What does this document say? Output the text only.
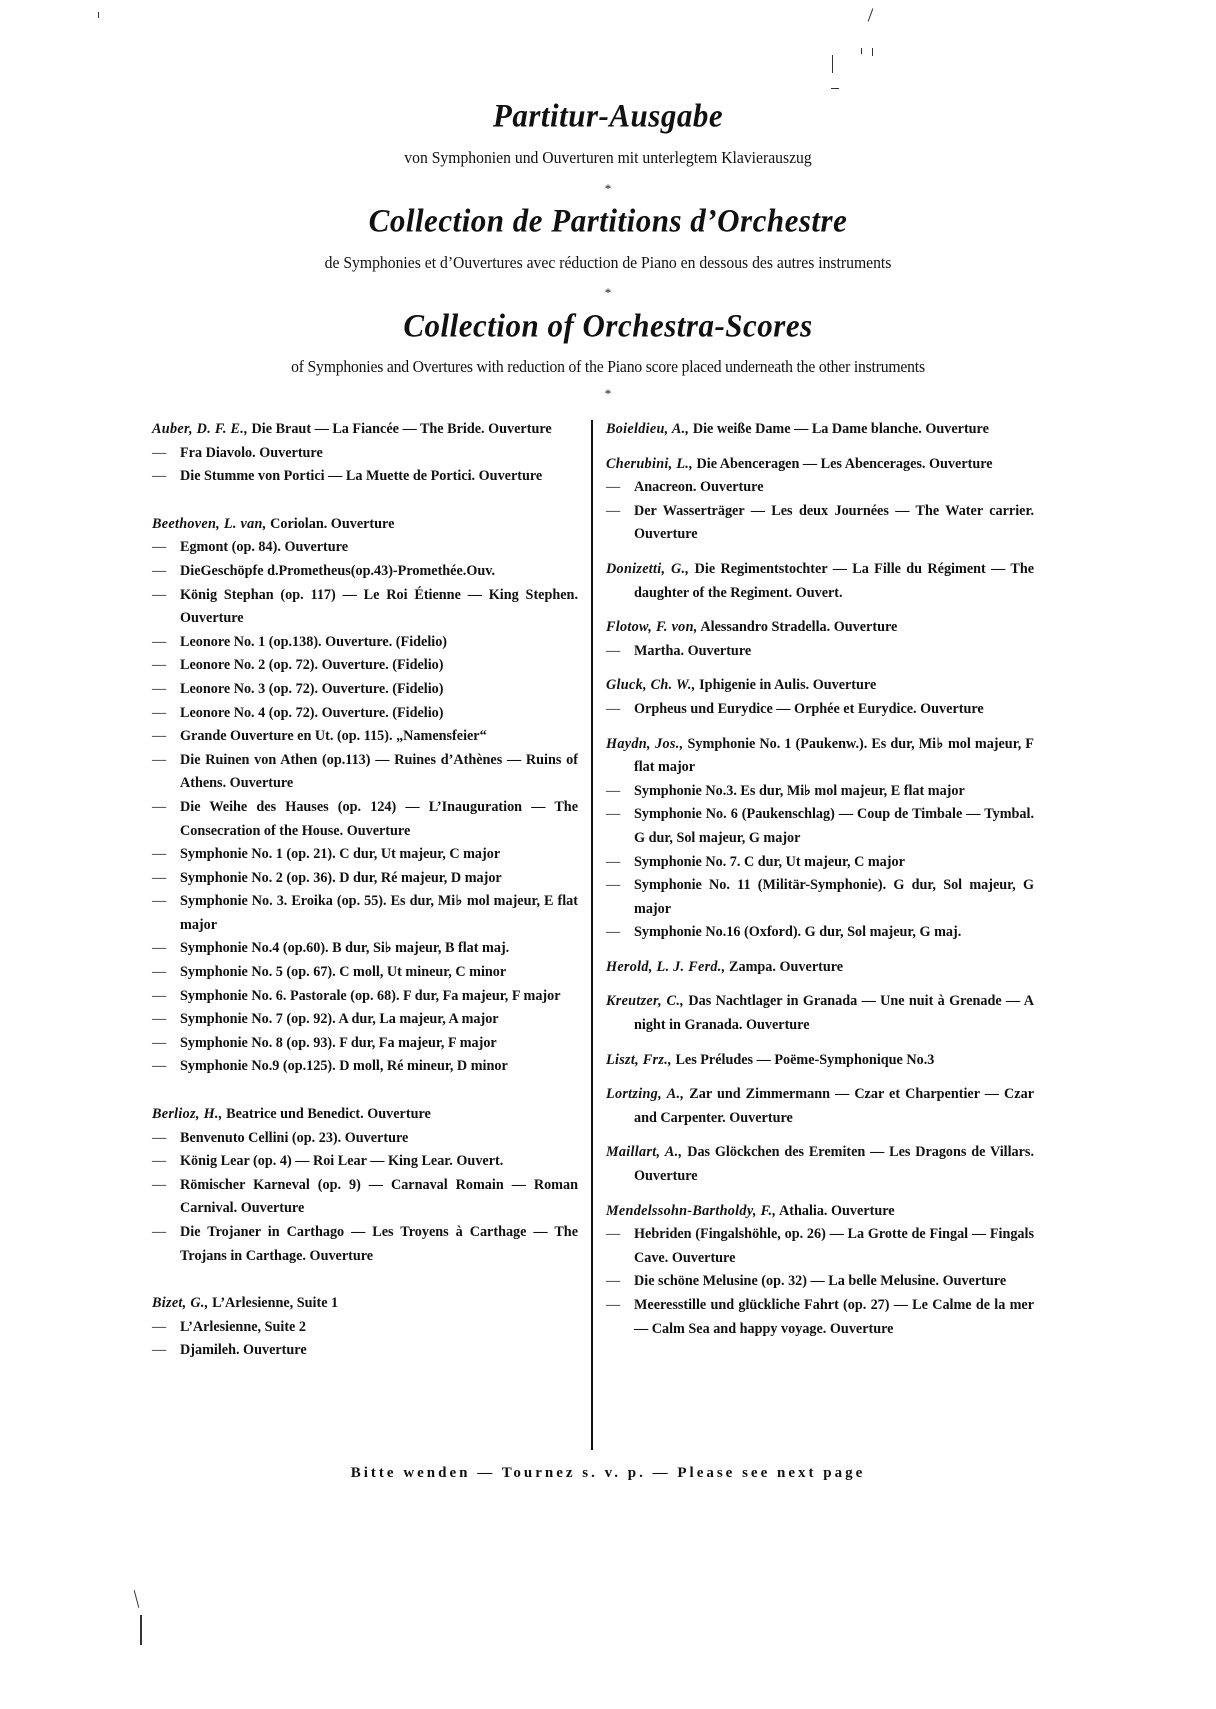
Partitur-Ausgabe
von Symphonien und Ouverturen mit unterlegtem Klavierauszug
*
Collection de Partitions d’Orchestre
de Symphonies et d’Ouvertures avec réduction de Piano en dessous des autres instruments
*
Collection of Orchestra-Scores
of Symphonies and Overtures with reduction of the Piano score placed underneath the other instruments
*
Auber, D. F. E., Die Braut — La Fiancée — The Bride. Ouverture
— Fra Diavolo. Ouverture
— Die Stumme von Portici — La Muette de Portici. Ouverture
Beethoven, L. van, Coriolan. Ouverture
— Egmont (op. 84). Ouverture
— DieGeschöpfe d.Prometheus(op.43)-Promethée.Ouv.
— König Stephan (op. 117) — Le Roi Étienne — King Stephen. Ouverture
— Leonore No. 1 (op.138). Ouverture. (Fidelio)
— Leonore No. 2 (op. 72). Ouverture. (Fidelio)
— Leonore No. 3 (op. 72). Ouverture. (Fidelio)
— Leonore No. 4 (op. 72). Ouverture. (Fidelio)
— Grande Ouverture en Ut. (op. 115). „Namensfeier“
— Die Ruinen von Athen (op.113) — Ruines d’Athènes — Ruins of Athens. Ouverture
— Die Weihe des Hauses (op. 124) — L’Inauguration — The Consecration of the House. Ouverture
— Symphonie No. 1 (op. 21). C dur, Ut majeur, C major
— Symphonie No. 2 (op. 36). D dur, Ré majeur, D major
— Symphonie No. 3. Eroika (op. 55). Es dur, Mi♭ mol majeur, E flat major
— Symphonie No.4 (op.60). B dur, Si♭ majeur, B flat maj.
— Symphonie No. 5 (op. 67). C moll, Ut mineur, C minor
— Symphonie No. 6. Pastorale (op. 68). F dur, Fa majeur, F major
— Symphonie No. 7 (op. 92). A dur, La majeur, A major
— Symphonie No. 8 (op. 93). F dur, Fa majeur, F major
— Symphonie No.9 (op.125). D moll, Ré mineur, D minor
Berlioz, H., Beatrice und Benedict. Ouverture
— Benvenuto Cellini (op. 23). Ouverture
— König Lear (op. 4) — Roi Lear — King Lear. Ouvert.
— Römischer Karneval (op. 9) — Carnaval Romain — Roman Carnival. Ouverture
— Die Trojaner in Carthago — Les Troyens à Carthage — The Trojans in Carthage. Ouverture
Bizet, G., L’Arlesienne, Suite 1
— L’Arlesienne, Suite 2
— Djamileh. Ouverture
Boieldieu, A., Die weiße Dame — La Dame blanche. Ouverture
Cherubini, L., Die Abenceragen — Les Abencerages. Ouverture
— Anacreon. Ouverture
— Der Wasserträger — Les deux Journées — The Water carrier. Ouverture
Donizetti, G., Die Regimentstochter — La Fille du Régiment — The daughter of the Regiment. Ouvert.
Flotow, F. von, Alessandro Stradella. Ouverture
— Martha. Ouverture
Gluck, Ch. W., Iphigenie in Aulis. Ouverture
— Orpheus und Eurydice — Orphée et Eurydice. Ouverture
Haydn, Jos., Symphonie No. 1 (Paukenw.). Es dur, Mi♭ mol majeur, F flat major
— Symphonie No.3. Es dur, Mi♭ mol majeur, E flat major
— Symphonie No. 6 (Paukenschlag) — Coup de Timbale — Tymbal. G dur, Sol majeur, G major
— Symphonie No. 7. C dur, Ut majeur, C major
— Symphonie No. 11 (Militär-Symphonie). G dur, Sol majeur, G major
— Symphonie No.16 (Oxford). G dur, Sol majeur, G maj.
Herold, L. J. Ferd., Zampa. Ouverture
Kreutzer, C., Das Nachtlager in Granada — Une nuit à Grenade — A night in Granada. Ouverture
Liszt, Frz., Les Préludes — Poëme-Symphonique No.3
Lortzing, A., Zar und Zimmermann — Czar et Charpentier — Czar and Carpenter. Ouverture
Maillart, A., Das Glöckchen des Eremiten — Les Dragons de Villars. Ouverture
Mendelssohn-Bartholdy, F., Athalia. Ouverture
— Hebriden (Fingalshöhle, op. 26) — La Grotte de Fingal — Fingals Cave. Ouverture
— Die schöne Melusine (op. 32) — La belle Melusine. Ouverture
— Meeresstille und glückliche Fahrt (op. 27) — Le Calme de la mer — Calm Sea and happy voyage. Ouverture
Bitte wenden — Tournez s. v. p. — Please see next page
